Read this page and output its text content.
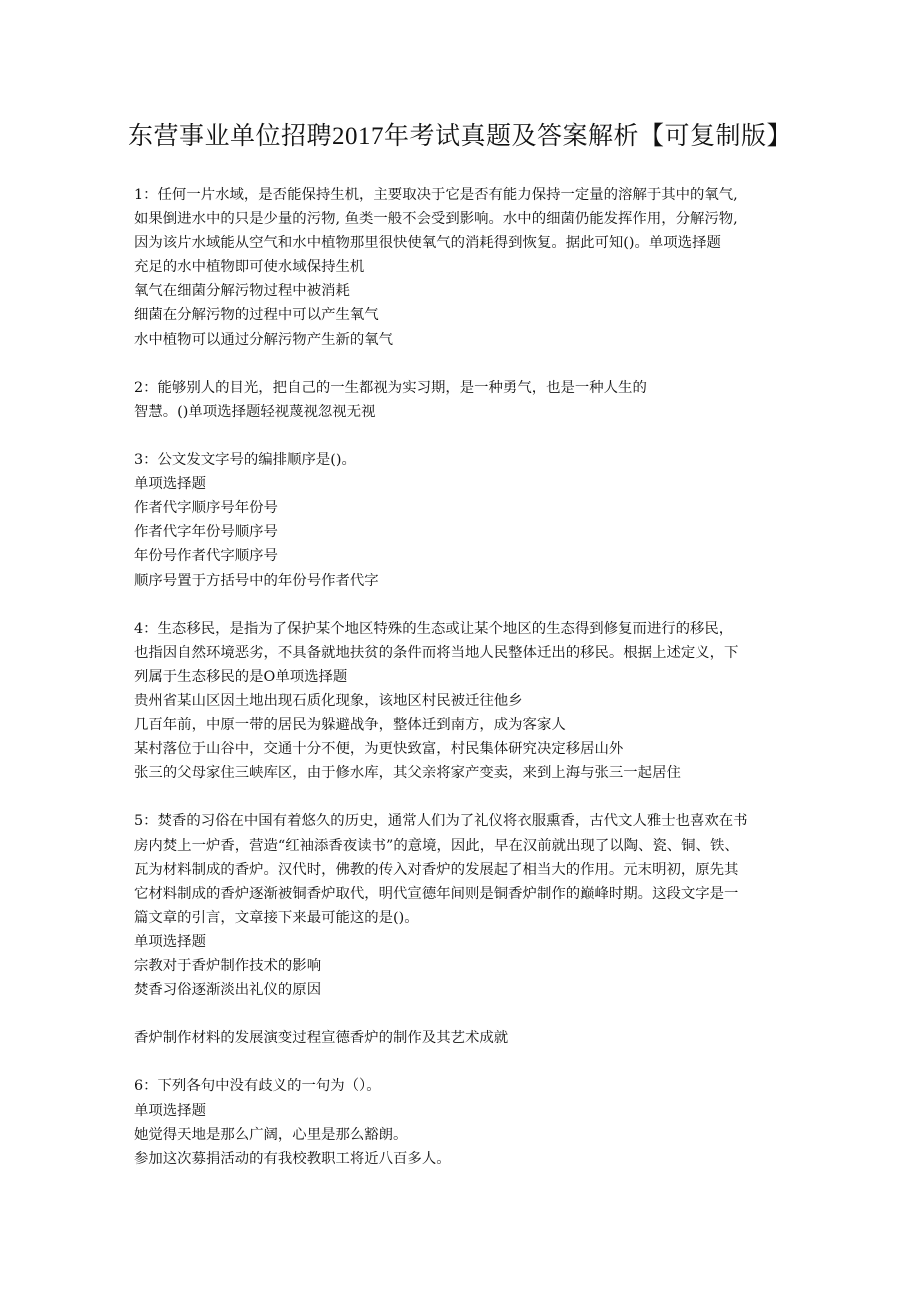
东营事业单位招聘2017年考试真题及答案解析【可复制版】

1：任何一片水域，是否能保持生机，主要取决于它是否有能力保持一定量的溶解于其中的氧气,

如果倒进水中的只是少量的污物, 鱼类一般不会受到影响。水中的细菌仍能发挥作用，分解污物,

因为该片水域能从空气和水中植物那里很快使氧气的消耗得到恢复。据此可知()。单项选择题

充足的水中植物即可使水域保持生机

氧气在细菌分解污物过程中被消耗

细菌在分解污物的过程中可以产生氧气

水中植物可以通过分解污物产生新的氧气

2：能够别人的目光，把自己的一生都视为实习期，是一种勇气，也是一种人生的

智慧。()单项选择题轻视蔑视忽视无视

3：公文发文字号的编排顺序是()。

单项选择题

作者代字顺序号年份号

作者代字年份号顺序号

年份号作者代字顺序号

顺序号置于方括号中的年份号作者代字

4：生态移民，是指为了保护某个地区特殊的生态或让某个地区的生态得到修复而进行的移民，

也指因自然环境恶劣，不具备就地扶贫的条件而将当地人民整体迁出的移民。根据上述定义，下

列属于生态移民的是O单项选择题

贵州省某山区因土地出现石质化现象，该地区村民被迁往他乡

几百年前，中原一带的居民为躲避战争，整体迁到南方，成为客家人

某村落位于山谷中，交通十分不便，为更快致富，村民集体研究决定移居山外

张三的父母家住三峡库区，由于修水库，其父亲将家产变卖，来到上海与张三一起居住

5：焚香的习俗在中国有着悠久的历史，通常人们为了礼仪将衣服熏香，古代文人雅士也喜欢在书

房内焚上一炉香，营造“红袖添香夜读书”的意境，因此，早在汉前就出现了以陶、瓷、铜、铁、

瓦为材料制成的香炉。汉代时，佛教的传入对香炉的发展起了相当大的作用。元末明初，原先其

它材料制成的香炉逐渐被铜香炉取代，明代宣德年间则是铜香炉制作的巅峰时期。这段文字是一

篇文章的引言，文章接下来最可能这的是()。

单项选择题

宗教对于香炉制作技术的影响

焚香习俗逐渐淡出礼仪的原因

香炉制作材料的发展演变过程宣德香炉的制作及其艺术成就

6：下列各句中没有歧义的一句为（）。

单项选择题

她觉得天地是那么广阔，心里是那么豁朗。

参加这次募捐活动的有我校教职工将近八百多人。
